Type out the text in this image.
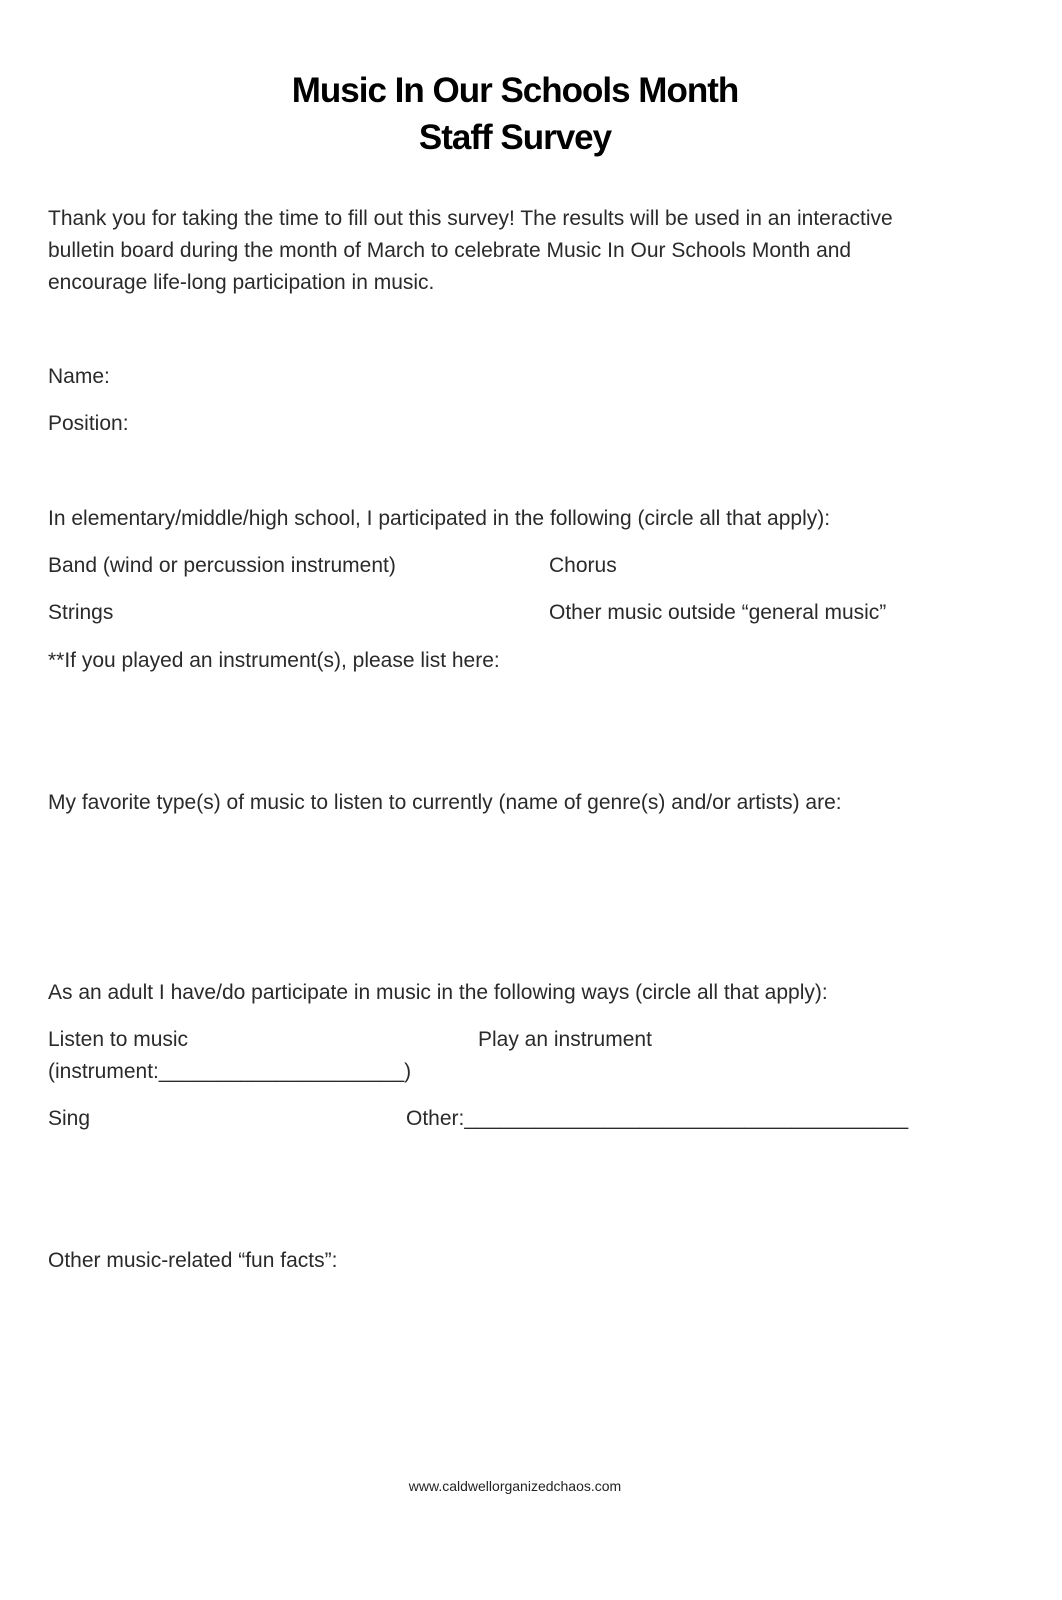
Music In Our Schools Month
Staff Survey
Thank you for taking the time to fill out this survey! The results will be used in an interactive
bulletin board during the month of March to celebrate Music In Our Schools Month and
encourage life-long participation in music.
Name:
Position:
In elementary/middle/high school, I participated in the following (circle all that apply):
Band (wind or percussion instrument)	Chorus
Strings	Other music outside “general music”
**If you played an instrument(s), please list here:
My favorite type(s) of music to listen to currently (name of genre(s) and/or artists) are:
As an adult I have/do participate in music in the following ways (circle all that apply):
Listen to music	Play an instrument
(instrument:_____________________)
Sing	Other:______________________________________
Other music-related “fun facts”:
www.caldwellorganizedchaos.com
